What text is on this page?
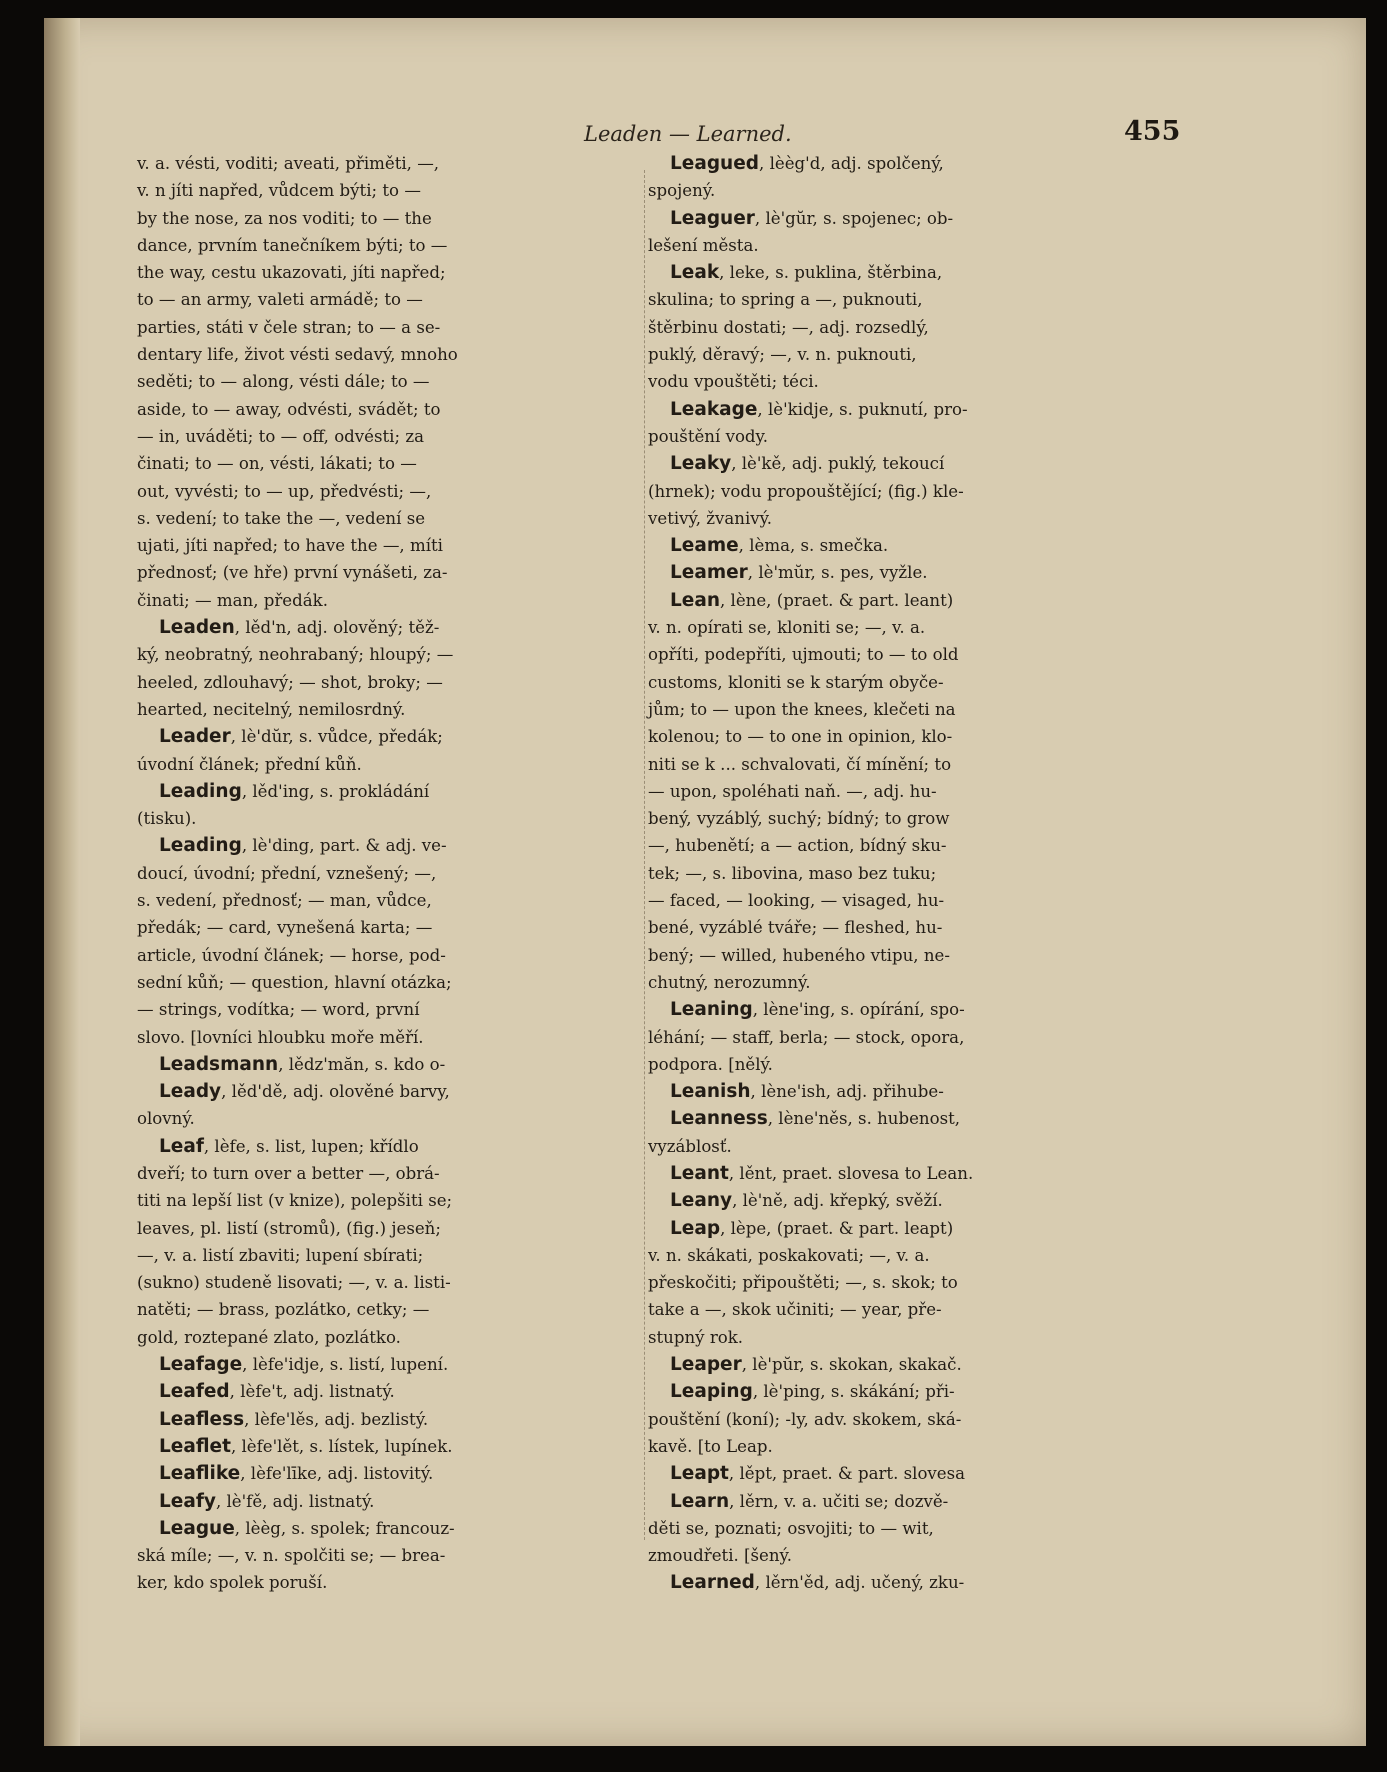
Leaden — Learned.	455
v. a. vésti, voditi; aveati, přiměti, —,
v. n jíti napřed, vůdcem býti; to —
by the nose, za nos voditi; to — the
dance, prvním tanečníkem býti; to —
the way, cestu ukazovati, jíti napřed;
to — an army, valeti armádě; to —
parties, státi v čele stran; to — a se-
dentary life, život vésti sedavý, mnoho
seděti; to — along, vésti dále; to —
aside, to — away, odvésti, svádět; to
— in, uváděti; to — off, odvésti; za
činati; to — on, vésti, lákati; to —
out, vyvésti; to — up, předvésti; —,
s. vedení; to take the —, vedení se
ujati, jíti napřed; to have the —, míti
přednosť; (ve hře) první vynášeti, za-
činati; — man, předák.
Leaden, lěd'n, adj. olověný; těž-
ký, neobratný, neohrabaný; hloupý; —
heeled, zdlouhavý; — shot, broky; —
hearted, necitelný, nemilosrdný.
Leader, lè'dŭr, s. vůdce, předák;
úvodní článek; přední kůň.
Leading, lěd'ing, s. prokládání
(tisku).
Leading, lè'ding, part. & adj. ve-
doucí, úvodní; přední, vznešený; —,
s. vedení, přednosť; — man, vůdce,
předák; — card, vynešená karta; —
article, úvodní článek; — horse, pod-
sední kůň; — question, hlavní otázka;
— strings, vodítka; — word, první
slovo. [lovníci hloubku moře měří.
Leadsmann, lědz'măn, s. kdo o-
Leady, lěd'dě, adj. olověné barvy,
olovný.
Leaf, lèfe, s. list, lupen; křídlo
dveří; to turn over a better —, obrá-
titi na lepší list (v knize), polepšiti se;
leaves, pl. listí (stromů), (fig.) jeseň;
—, v. a. listí zbaviti; lupení sbírati;
(sukno) studeně lisovati; —, v. a. listi-
natěti; — brass, pozlátko, cetky; —
gold, roztepané zlato, pozlátko.
Leafage, lèfe'idje, s. listí, lupení.
Leafed, lèfe't, adj. listnatý.
Leafless, lèfe'lěs, adj. bezlistý.
Leaflet, lèfe'lět, s. lístek, lupínek.
Leaflike, lèfe'līke, adj. listovitý.
Leafy, lè'fě, adj. listnatý.
League, lèèg, s. spolek; francouz-
ská míle; —, v. n. spolčiti se; — brea-
ker, kdo spolek poruší.
Leagued, lèèg'd, adj. spolčený,
spojený.
Leaguer, lè'gŭr, s. spojenec; ob-
lešení města.
Leak, leke, s. puklina, štěrbina,
skulina; to spring a —, puknouti,
štěrbinu dostati; —, adj. rozsedlý,
puklý, děravý; —, v. n. puknouti,
vodu vpouštěti; téci.
Leakage, lè'kidje, s. puknutí, pro-
pouštění vody.
Leaky, lè'kě, adj. puklý, tekoucí
(hrnek); vodu propouštějící; (fig.) kle-
vetivý, žvanivý.
Leame, lèma, s. smečka.
Leamer, lè'mŭr, s. pes, vyžle.
Lean, lène, (praet. & part. leant)
v. n. opírati se, kloniti se; —, v. a.
opříti, podepříti, ujmouti; to — to old
customs, kloniti se k starým obyče-
jům; to — upon the knees, klečeti na
kolenou; to — to one in opinion, klo-
niti se k ... schvalovati, čí mínění; to
— upon, spoléhati naň. —, adj. hu-
bený, vyzáblý, suchý; bídný; to grow
—, hubenětí; a — action, bídný sku-
tek; —, s. libovina, maso bez tuku;
— faced, — looking, — visaged, hu-
bené, vyzáblé tváře; — fleshed, hu-
bený; — willed, hubeného vtipu, ne-
chutný, nerozumný.
Leaning, lène'ing, s. opírání, spo-
léhání; — staff, berla; — stock, opora,
podpora. [nělý.
Leanish, lène'ish, adj. přihube-
Leanness, lène'něs, s. hubenost,
vyzáblosť.
Leant, lěnt, praet. slovesa to Lean.
Leany, lè'ně, adj. křepký, svěží.
Leap, lèpe, (praet. & part. leapt)
v. n. skákati, poskakovati; —, v. a.
přeskočiti; připouštěti; —, s. skok; to
take a —, skok učiniti; — year, pře-
stupný rok.
Leaper, lè'pŭr, s. skokan, skakač.
Leaping, lè'ping, s. skákání; při-
pouštění (koní); -ly, adv. skokem, ská-
kavě. [to Leap.
Leapt, lěpt, praet. & part. slovesa
Learn, lěrn, v. a. učiti se; dozvě-
děti se, poznati; osvojiti; to — wit,
zmoudřeti. [šený.
Learned, lěrn'ěd, adj. učený, zku-
